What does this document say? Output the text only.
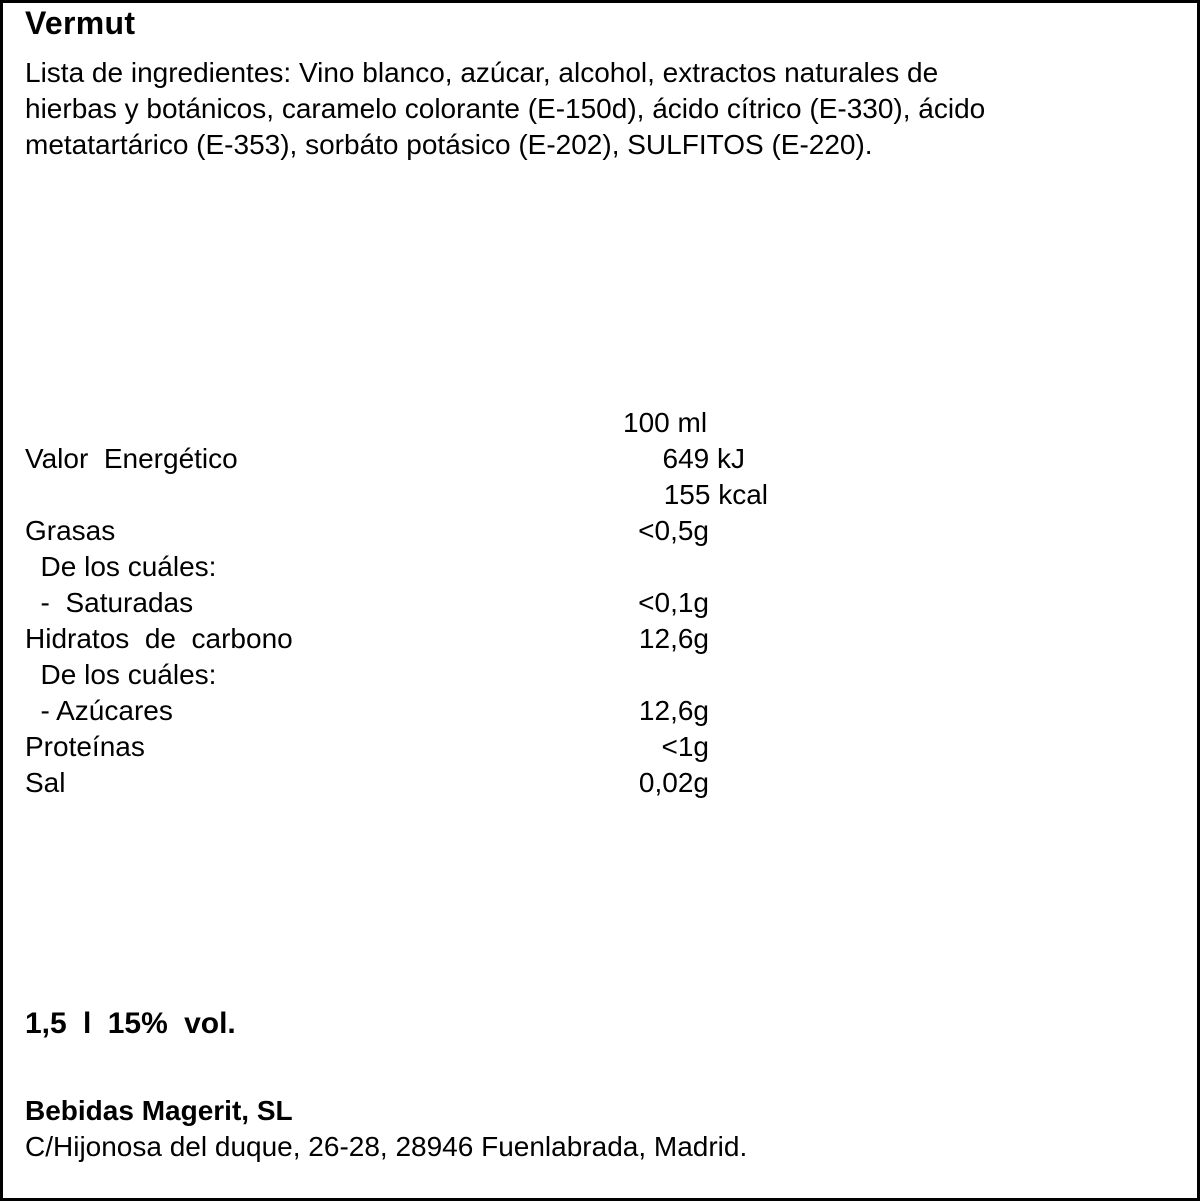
Vermut
Lista de ingredientes: Vino blanco, azúcar, alcohol, extractos naturales de
hierbas y botánicos, caramelo colorante (E-150d), ácido cítrico (E-330), ácido
metatartárico (E-353), sorbáto potásico (E-202), SULFITOS (E-220).
100 ml
Valor  Energético	649 kJ
155 kcal
Grasas	<0,5g
De los cuáles:
-  Saturadas	<0,1g
Hidratos  de  carbono	12,6g
De los cuáles:
- Azúcares	12,6g
Proteínas	<1g
Sal	0,02g
1,5 l 15% vol.
Bebidas Magerit, SL
C/Hijonosa del duque, 26-28, 28946 Fuenlabrada, Madrid.
